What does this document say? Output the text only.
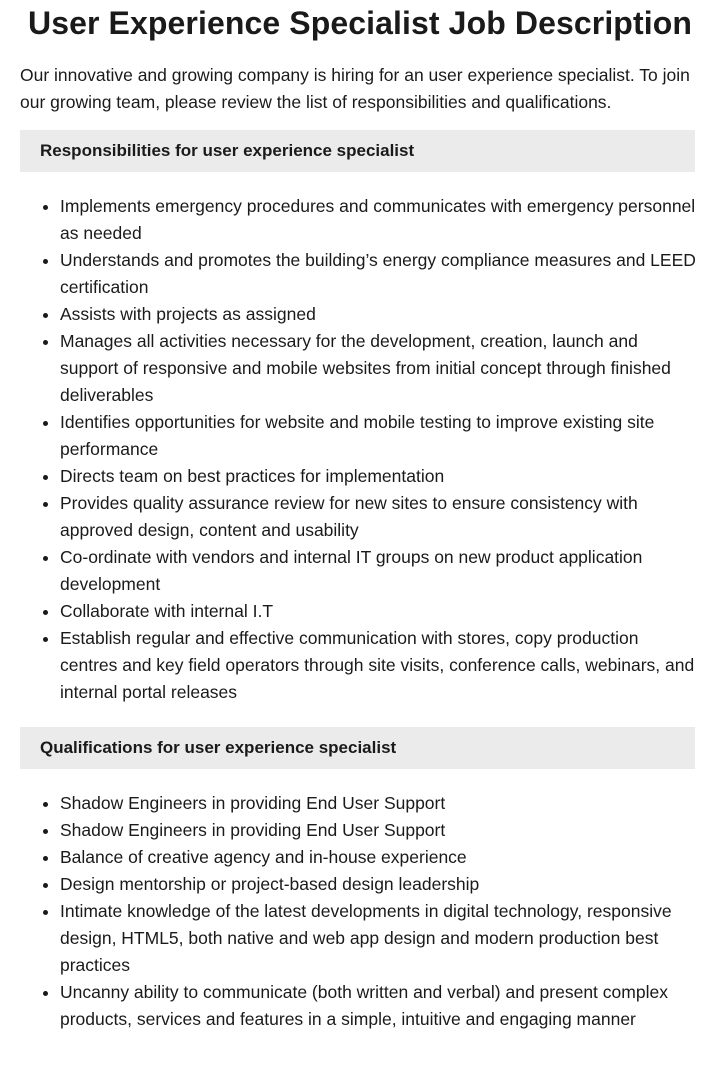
User Experience Specialist Job Description

Our innovative and growing company is hiring for an user experience specialist. To join our growing team, please review the list of responsibilities and qualifications.

Responsibilities for user experience specialist
• Implements emergency procedures and communicates with emergency personnel as needed
• Understands and promotes the building’s energy compliance measures and LEED certification
• Assists with projects as assigned
• Manages all activities necessary for the development, creation, launch and support of responsive and mobile websites from initial concept through finished deliverables
• Identifies opportunities for website and mobile testing to improve existing site performance
• Directs team on best practices for implementation
• Provides quality assurance review for new sites to ensure consistency with approved design, content and usability
• Co-ordinate with vendors and internal IT groups on new product application development
• Collaborate with internal I.T
• Establish regular and effective communication with stores, copy production centres and key field operators through site visits, conference calls, webinars, and internal portal releases
Qualifications for user experience specialist
• Shadow Engineers in providing End User Support
• Shadow Engineers in providing End User Support
• Balance of creative agency and in-house experience
• Design mentorship or project-based design leadership
• Intimate knowledge of the latest developments in digital technology, responsive design, HTML5, both native and web app design and modern production best practices
• Uncanny ability to communicate (both written and verbal) and present complex products, services and features in a simple, intuitive and engaging manner
